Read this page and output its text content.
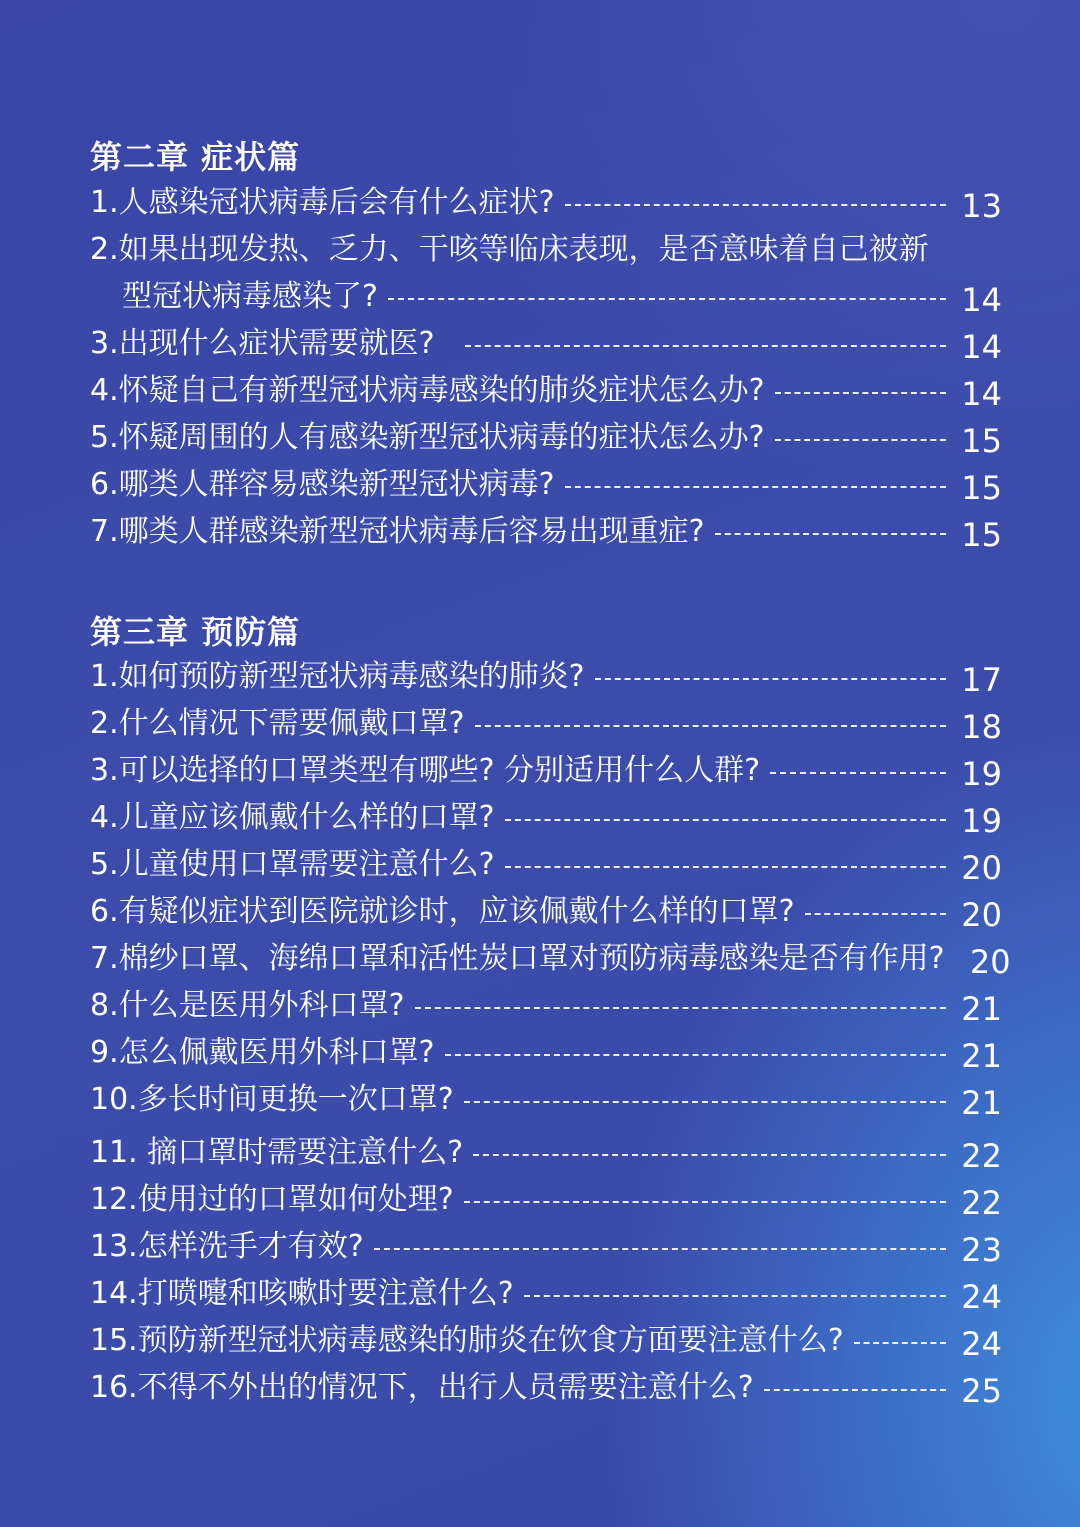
第二章 症状篇
1.人感染冠状病毒后会有什么症状?	13
2.如果出现发热、乏力、干咳等临床表现，是否意味着自己被新
型冠状病毒感染了?	14
3.出现什么症状需要就医?	14
4.怀疑自己有新型冠状病毒感染的肺炎症状怎么办?	14
5.怀疑周围的人有感染新型冠状病毒的症状怎么办?	15
6.哪类人群容易感染新型冠状病毒?	15
7.哪类人群感染新型冠状病毒后容易出现重症?	15
第三章 预防篇
1.如何预防新型冠状病毒感染的肺炎?	17
2.什么情况下需要佩戴口罩?	18
3.可以选择的口罩类型有哪些? 分别适用什么人群?	19
4.儿童应该佩戴什么样的口罩?	19
5.儿童使用口罩需要注意什么?	20
6.有疑似症状到医院就诊时，应该佩戴什么样的口罩?	20
7.棉纱口罩、海绵口罩和活性炭口罩对预防病毒感染是否有作用? 20
8.什么是医用外科口罩?	21
9.怎么佩戴医用外科口罩?	21
10.多长时间更换一次口罩?	21
11. 摘口罩时需要注意什么?	22
12.使用过的口罩如何处理?	22
13.怎样洗手才有效?	23
14.打喷嚏和咳嗽时要注意什么?	24
15.预防新型冠状病毒感染的肺炎在饮食方面要注意什么?	24
16.不得不外出的情况下，出行人员需要注意什么?	25
